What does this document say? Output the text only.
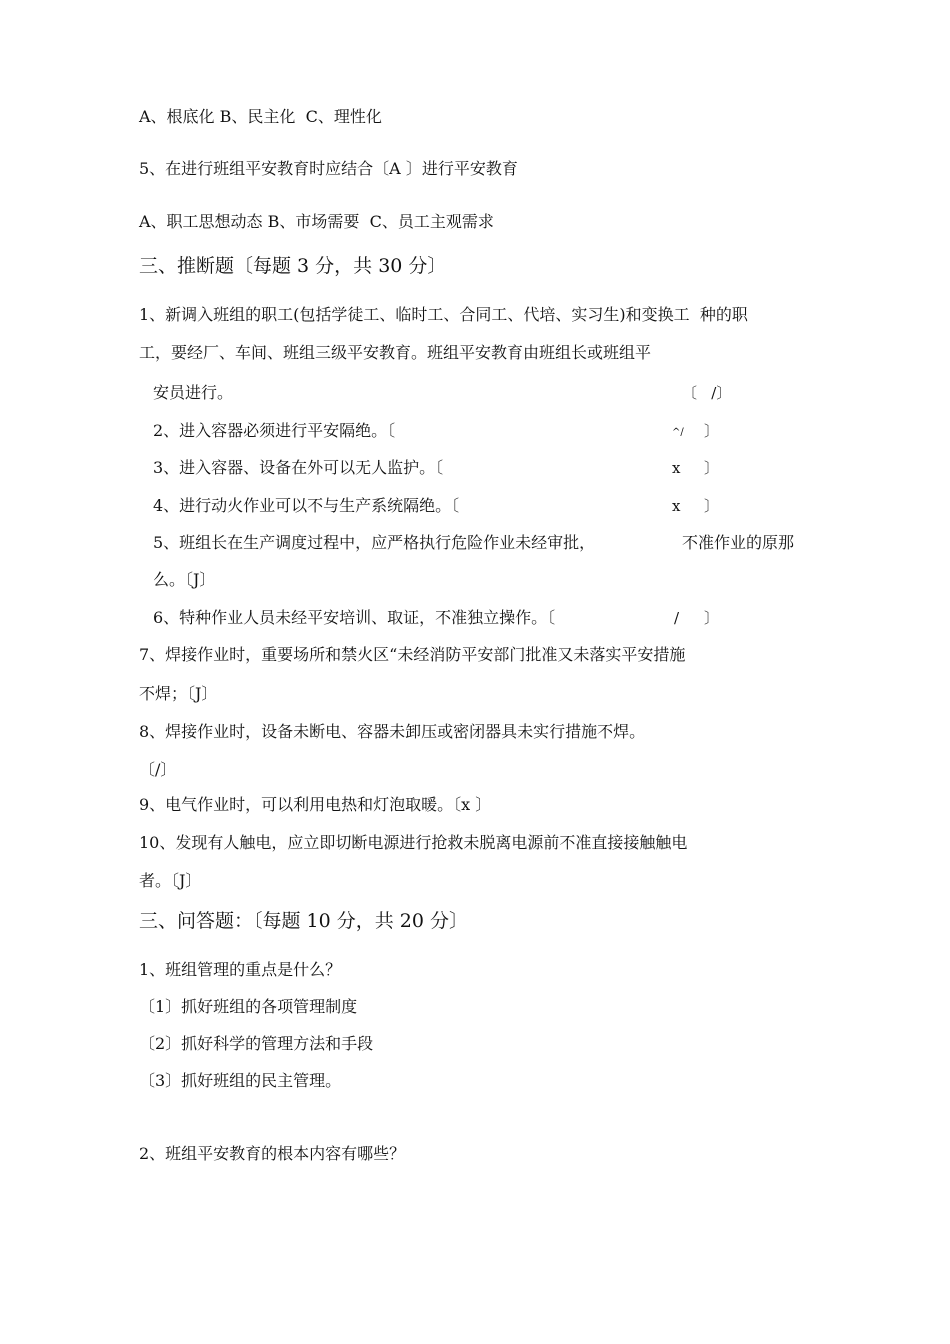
A、根底化 B、民主化  C、理性化
5、在进行班组平安教育时应结合〔A 〕进行平安教育
A、职工思想动态 B、市场需要  C、员工主观需求
三、推断题〔每题 3 分，共 30 分〕
1、新调入班组的职工(包括学徒工、临时工、合同工、代培、实习生)和变换工  种的职
工，要经厂、车间、班组三级平安教育。班组平安教育由班组长或班组平
安员进行。	〔   /〕
2、进入容器必须进行平安隔绝。〔	^/ 〕
3、进入容器、设备在外可以无人监护。〔	x 〕
4、进行动火作业可以不与生产系统隔绝。〔	x 〕
5、班组长在生产调度过程中，应严格执行危险作业未经审批，	不准作业的原那
么。〔J〕
6、特种作业人员未经平安培训、取证，不准独立操作。〔	/ 〕
7、焊接作业时，重要场所和禁火区“未经消防平安部门批准又未落实平安措施
不焊；〔J〕
8、焊接作业时，设备未断电、容器未卸压或密闭器具未实行措施不焊。
〔/〕
9、电气作业时，可以利用电热和灯泡取暖。〔x 〕
10、发现有人触电，应立即切断电源进行抢救未脱离电源前不准直接接触触电
者。〔J〕
三、问答题：〔每题 10 分，共 20 分〕
1、班组管理的重点是什么？
〔1〕抓好班组的各项管理制度
〔2〕抓好科学的管理方法和手段
〔3〕抓好班组的民主管理。
2、班组平安教育的根本内容有哪些？
